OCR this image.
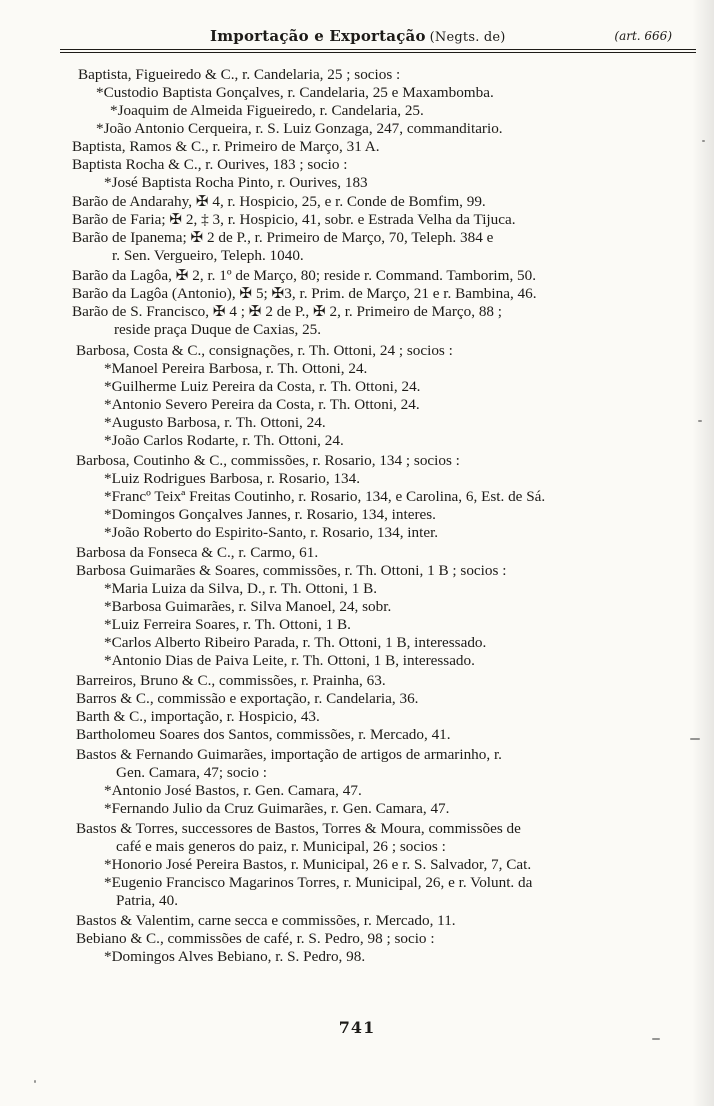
Importação e Exportação (Negts. de)	(art. 666)
Baptista, Figueiredo & C., r. Candelaria, 25 ; socios :
*Custodio Baptista Gonçalves, r. Candelaria, 25 e Maxambomba.
*Joaquim de Almeida Figueiredo, r. Candelaria, 25.
*João Antonio Cerqueira, r. S. Luiz Gonzaga, 247, commanditario.
Baptista, Ramos & C., r. Primeiro de Março, 31 A.
Baptista Rocha & C., r. Ourives, 183 ; socio :
*José Baptista Rocha Pinto, r. Ourives, 183
Barão de Andarahy, ✠ 4, r. Hospicio, 25, e r. Conde de Bomfim, 99.
Barão de Faria; ✠ 2, ‡ 3, r. Hospicio, 41, sobr. e Estrada Velha da Tijuca.
Barão de Ipanema; ✠ 2 de P., r. Primeiro de Março, 70, Teleph. 384 e
r. Sen. Vergueiro, Teleph. 1040.
Barão da Lagôa, ✠ 2, r. 1º de Março, 80; reside r. Command. Tamborim, 50.
Barão da Lagôa (Antonio), ✠ 5; ✠3, r. Prim. de Março, 21 e r. Bambina, 46.
Barão de S. Francisco, ✠ 4 ; ✠ 2 de P., ✠ 2, r. Primeiro de Março, 88 ;
reside praça Duque de Caxias, 25.
Barbosa, Costa & C., consignações, r. Th. Ottoni, 24 ; socios :
*Manoel Pereira Barbosa, r. Th. Ottoni, 24.
*Guilherme Luiz Pereira da Costa, r. Th. Ottoni, 24.
*Antonio Severo Pereira da Costa, r. Th. Ottoni, 24.
*Augusto Barbosa, r. Th. Ottoni, 24.
*João Carlos Rodarte, r. Th. Ottoni, 24.
Barbosa, Coutinho & C., commissões, r. Rosario, 134 ; socios :
*Luiz Rodrigues Barbosa, r. Rosario, 134.
*Francº Teixª Freitas Coutinho, r. Rosario, 134, e Carolina, 6, Est. de Sá.
*Domingos Gonçalves Jannes, r. Rosario, 134, interes.
*João Roberto do Espirito-Santo, r. Rosario, 134, inter.
Barbosa da Fonseca & C., r. Carmo, 61.
Barbosa Guimarães & Soares, commissões, r. Th. Ottoni, 1 B ; socios :
*Maria Luiza da Silva, D., r. Th. Ottoni, 1 B.
*Barbosa Guimarães, r. Silva Manoel, 24, sobr.
*Luiz Ferreira Soares, r. Th. Ottoni, 1 B.
*Carlos Alberto Ribeiro Parada, r. Th. Ottoni, 1 B, interessado.
*Antonio Dias de Paiva Leite, r. Th. Ottoni, 1 B, interessado.
Barreiros, Bruno & C., commissões, r. Prainha, 63.
Barros & C., commissão e exportação, r. Candelaria, 36.
Barth & C., importação, r. Hospicio, 43.
Bartholomeu Soares dos Santos, commissões, r. Mercado, 41.
Bastos & Fernando Guimarães, importação de artigos de armarinho, r.
Gen. Camara, 47; socio :
*Antonio José Bastos, r. Gen. Camara, 47.
*Fernando Julio da Cruz Guimarães, r. Gen. Camara, 47.
Bastos & Torres, successores de Bastos, Torres & Moura, commissões de
café e mais generos do paiz, r. Municipal, 26 ; socios :
*Honorio José Pereira Bastos, r. Municipal, 26 e r. S. Salvador, 7, Cat.
*Eugenio Francisco Magarinos Torres, r. Municipal, 26, e r. Volunt. da
Patria, 40.
Bastos & Valentim, carne secca e commissões, r. Mercado, 11.
Bebiano & C., commissões de café, r. S. Pedro, 98 ; socio :
*Domingos Alves Bebiano, r. S. Pedro, 98.
741
